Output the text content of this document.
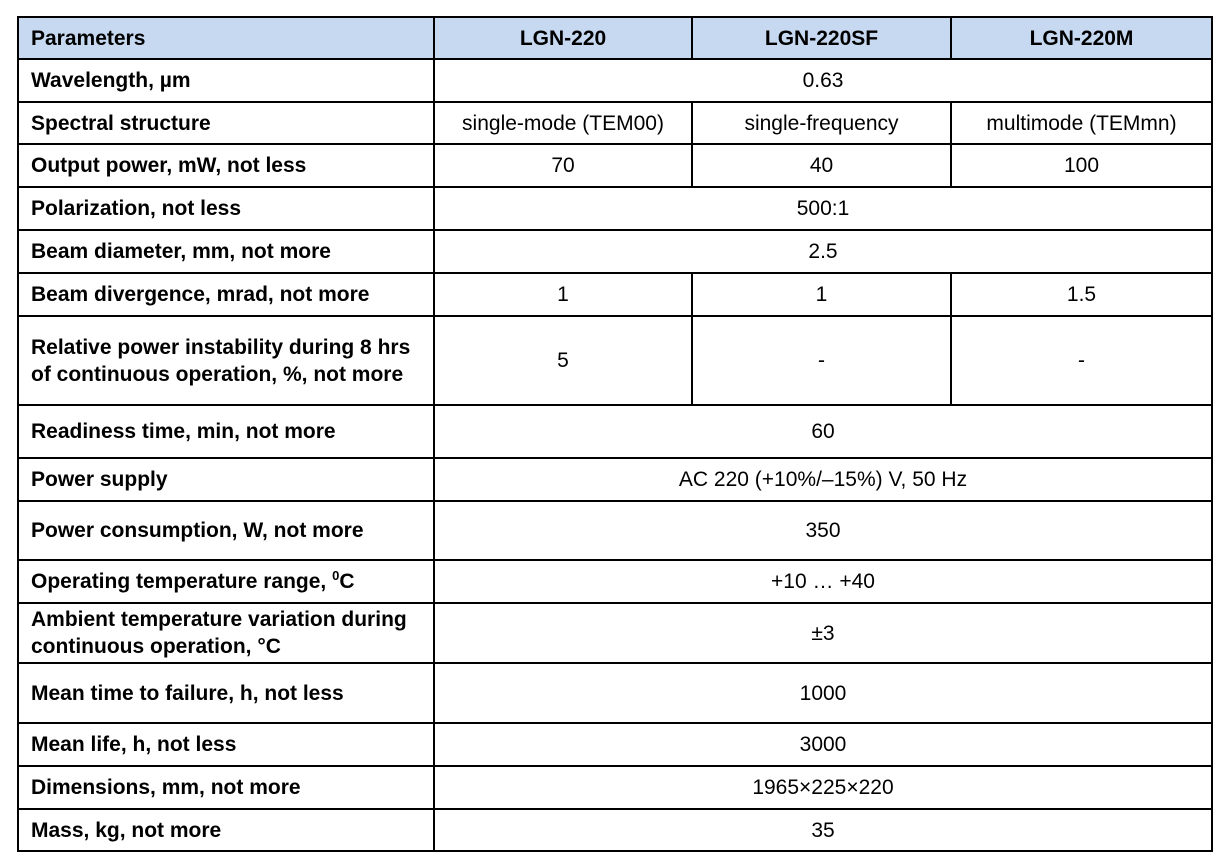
Parameters	LGN-220	LGN-220SF	LGN-220M
Wavelength, µm	0.63		
Spectral structure	single-mode (TEM00)	single-frequency	multimode (TEMmn)
Output power, mW, not less	70	40	100
Polarization, not less	500:1		
Beam diameter, mm, not more	2.5		
Beam divergence, mrad, not more	1	1	1.5
Relative power instability during 8 hrs of continuous operation, %, not more	5	-	-
Readiness time, min, not more	60		
Power supply	AC 220 (+10%/–15%) V, 50 Hz		
Power consumption, W, not more	350		
Operating temperature range, $^0$C	+10 … +40		
Ambient temperature variation during continuous operation, °C	±3		
Mean time to failure, h, not less	1000		
Mean life, h, not less	3000		
Dimensions, mm, not more	1965×225×220		
Mass, kg, not more	35		
